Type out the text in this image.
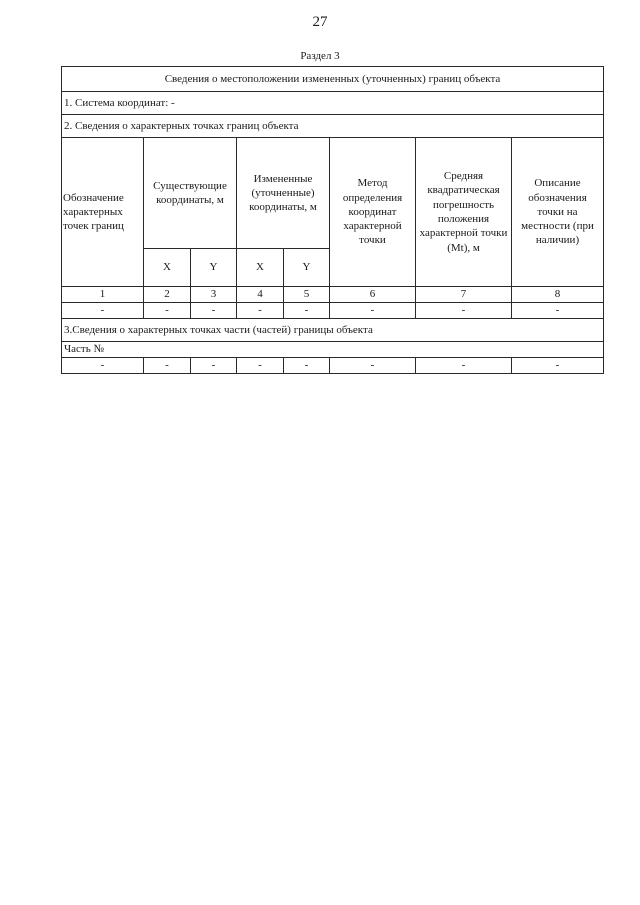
27
Раздел 3
Сведения о местоположении измененных (уточненных) границ объекта							
1. Система координат: -							
2. Сведения о характерных точках границ объекта							
Обозначение характерных точек границ	Существующие координаты, м		Измененные (уточненные) координаты, м		Метод определения координат характерной точки	Средняя квадратическая погрешность положения характерной точки (Mt), м	Описание обозначения точки на местности (при наличии)
	X	Y	X	Y			
1	2	3	4	5	6	7	8
-	-	-	-	-	-	-	-
3.Сведения о характерных точках части (частей) границы объекта							
Часть №							
-	-	-	-	-	-	-	-
